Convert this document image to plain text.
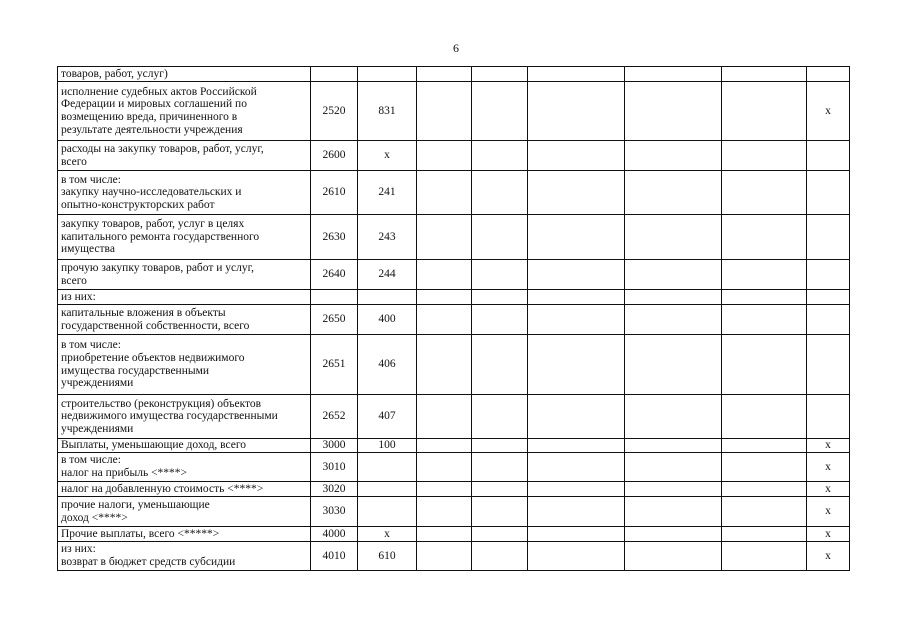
6
товаров, работ, услуг)								
исполнение судебных актов Российской
Федерации и мировых соглашений по
возмещению вреда, причиненного в
результате деятельности учреждения	2520	831						x
расходы на закупку товаров, работ, услуг,
всего	2600	x						
в том числе:
закупку научно-исследовательских и
опытно-конструкторских работ	2610	241						
закупку товаров, работ, услуг в целях
капитального ремонта государственного
имущества	2630	243						
прочую закупку товаров, работ и услуг,
всего	2640	244						
из них:								
капитальные вложения в объекты
государственной собственности, всего	2650	400						
в том числе:
приобретение объектов недвижимого
имущества государственными
учреждениями	2651	406						
строительство (реконструкция) объектов
недвижимого имущества государственными
учреждениями	2652	407						
Выплаты, уменьшающие доход, всего	3000	100						x
в том числе:
налог на прибыль <****>	3010							x
налог на добавленную стоимость <****>	3020							x
прочие налоги, уменьшающие
доход <****>	3030							x
Прочие выплаты, всего <*****>	4000	x						x
из них:
возврат в бюджет средств субсидии	4010	610						x
